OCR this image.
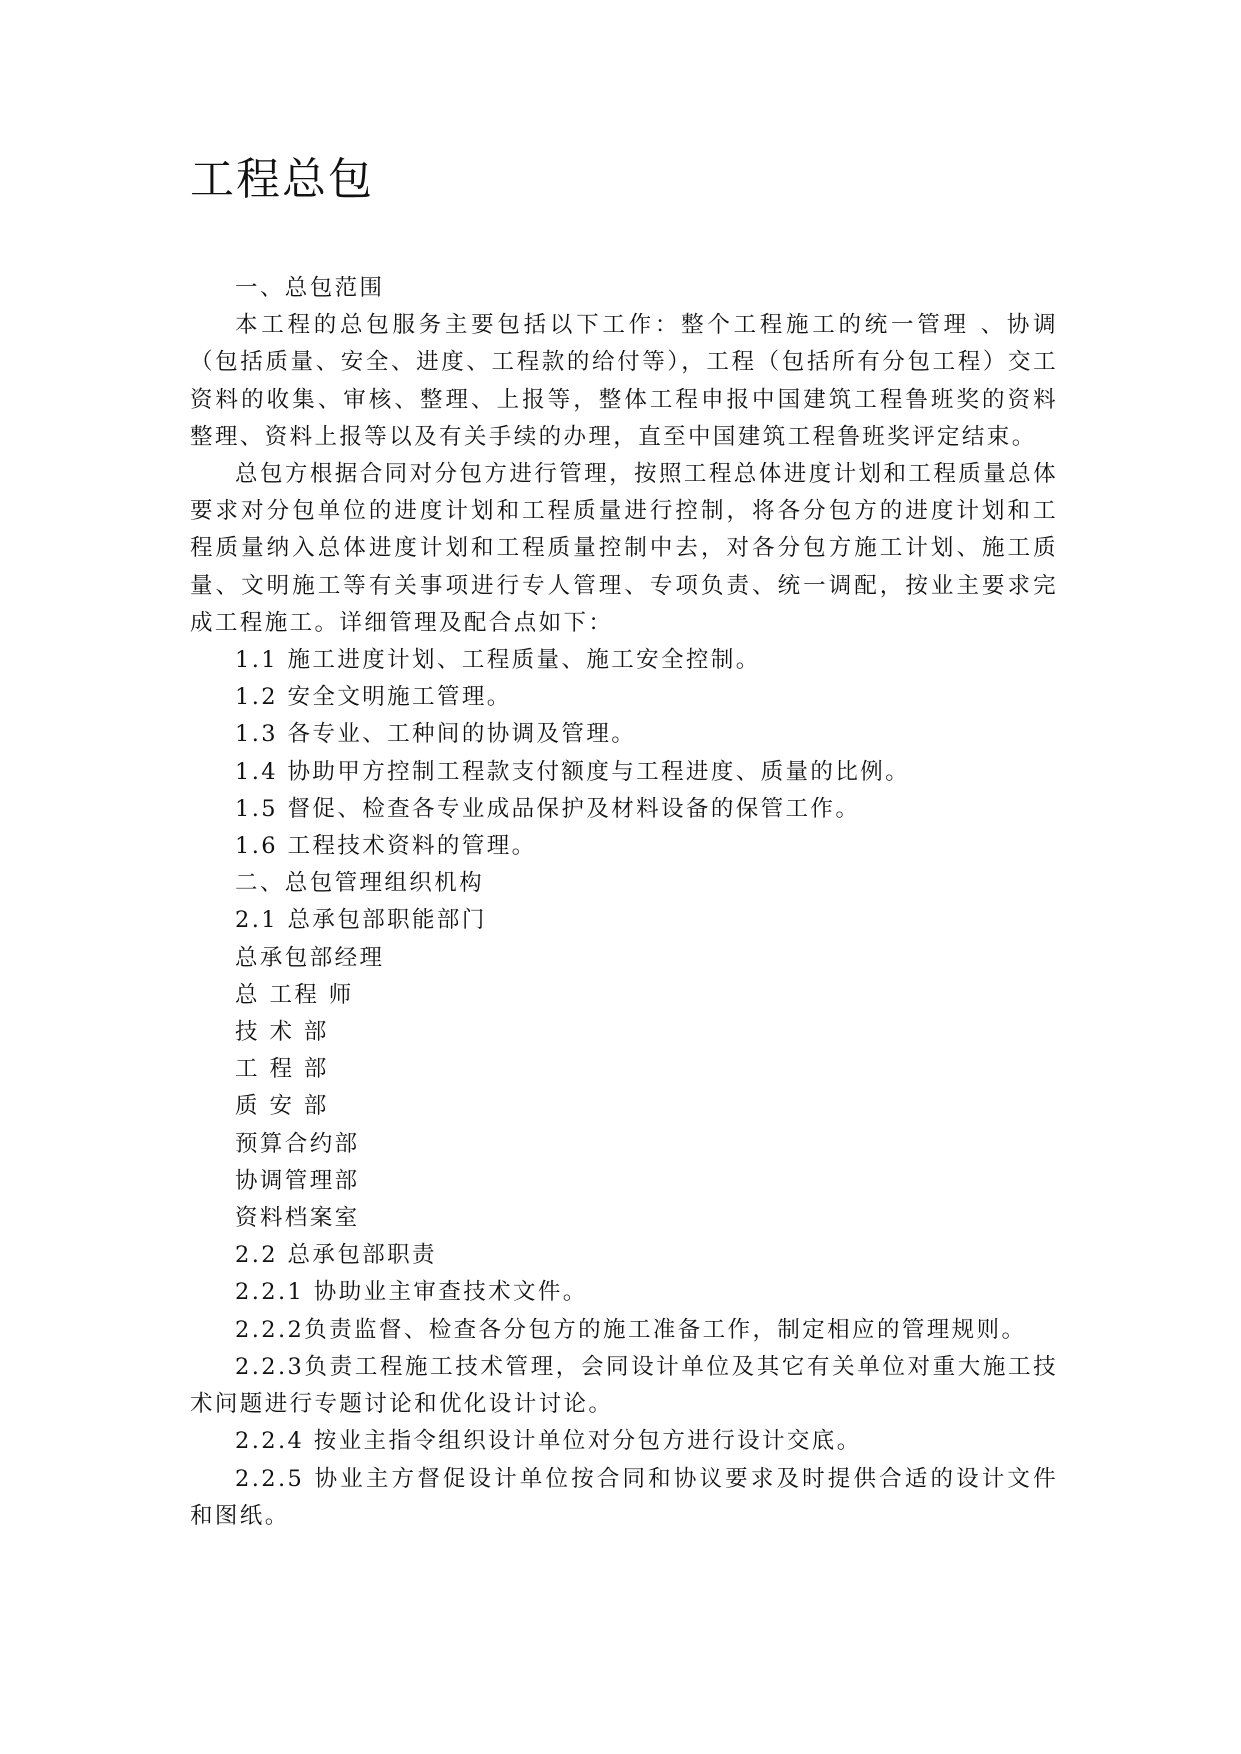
工程总包

一、总包范围

本工程的总包服务主要包括以下工作：整个工程施工的统一管理 、协调（包括质量、安全、进度、工程款的给付等），工程（包括所有分包工程）交工资料的收集、审核、整理、上报等，整体工程申报中国建筑工程鲁班奖的资料整理、资料上报等以及有关手续的办理，直至中国建筑工程鲁班奖评定结束。

总包方根据合同对分包方进行管理，按照工程总体进度计划和工程质量总体要求对分包单位的进度计划和工程质量进行控制，将各分包方的进度计划和工程质量纳入总体进度计划和工程质量控制中去，对各分包方施工计划、施工质量、文明施工等有关事项进行专人管理、专项负责、统一调配，按业主要求完成工程施工。详细管理及配合点如下：

1.1 施工进度计划、工程质量、施工安全控制。

1.2 安全文明施工管理。

1.3 各专业、工种间的协调及管理。

1.4 协助甲方控制工程款支付额度与工程进度、质量的比例。

1.5 督促、检查各专业成品保护及材料设备的保管工作。

1.6 工程技术资料的管理。

二、总包管理组织机构

2.1 总承包部职能部门

总承包部经理

总 工程 师

技 术 部

工 程 部

质 安 部

预算合约部

协调管理部

资料档案室

2.2 总承包部职责

2.2.1 协助业主审查技术文件。

2.2.2负责监督、检查各分包方的施工准备工作，制定相应的管理规则。

2.2.3负责工程施工技术管理，会同设计单位及其它有关单位对重大施工技术问题进行专题讨论和优化设计讨论。

2.2.4 按业主指令组织设计单位对分包方进行设计交底。

2.2.5 协业主方督促设计单位按合同和协议要求及时提供合适的设计文件和图纸。
